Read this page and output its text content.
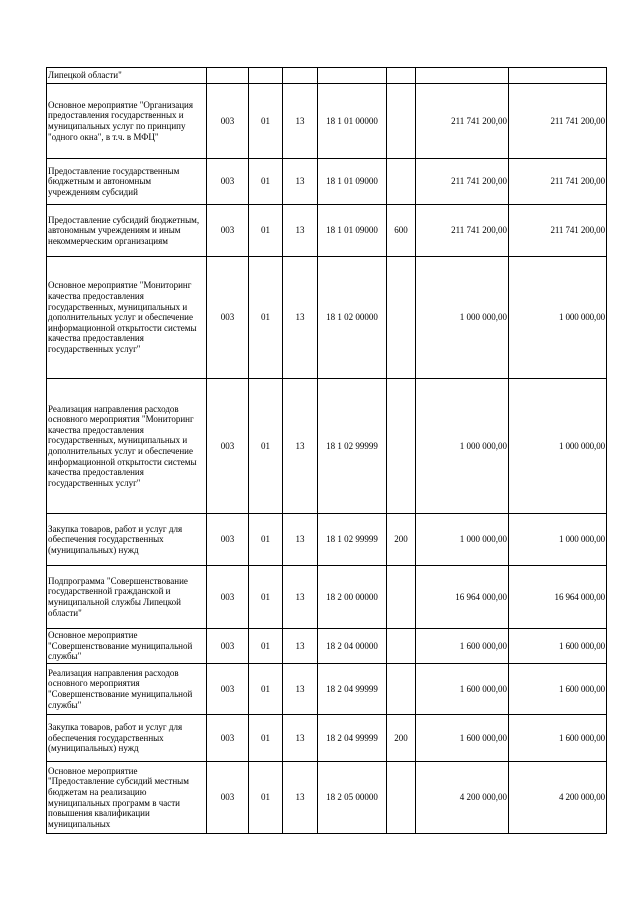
Липецкой области"							
Основное мероприятие "Организация предоставления государственных и муниципальных услуг по принципу "одного окна", в т.ч. в МФЦ"	003	01	13	18 1 01 00000		211 741 200,00	211 741 200,00
Предоставление государственным бюджетным и автономным учреждениям субсидий	003	01	13	18 1 01 09000		211 741 200,00	211 741 200,00
Предоставление субсидий бюджетным, автономным учреждениям и иным некоммерческим организациям	003	01	13	18 1 01 09000	600	211 741 200,00	211 741 200,00
Основное мероприятие "Мониторинг качества предоставления государственных, муниципальных и дополнительных услуг и обеспечение информационной открытости системы качества предоставления государственных услуг"	003	01	13	18 1 02 00000		1 000 000,00	1 000 000,00
Реализация направления расходов основного мероприятия "Мониторинг качества предоставления государственных, муниципальных и дополнительных услуг и обеспечение информационной открытости системы качества предоставления государственных услуг"	003	01	13	18 1 02 99999		1 000 000,00	1 000 000,00
Закупка товаров, работ и услуг для обеспечения государственных (муниципальных) нужд	003	01	13	18 1 02 99999	200	1 000 000,00	1 000 000,00
Подпрограмма "Совершенствование государственной гражданской и муниципальной службы Липецкой области"	003	01	13	18 2 00 00000		16 964 000,00	16 964 000,00
Основное мероприятие "Совершенствование муниципальной службы"	003	01	13	18 2 04 00000		1 600 000,00	1 600 000,00
Реализация направления расходов основного мероприятия "Совершенствование муниципальной службы"	003	01	13	18 2 04 99999		1 600 000,00	1 600 000,00
Закупка товаров, работ и услуг для обеспечения государственных (муниципальных) нужд	003	01	13	18 2 04 99999	200	1 600 000,00	1 600 000,00
Основное мероприятие "Предоставление субсидий местным бюджетам на реализацию муниципальных программ в части повышения квалификации муниципальных	003	01	13	18 2 05 00000		4 200 000,00	4 200 000,00
